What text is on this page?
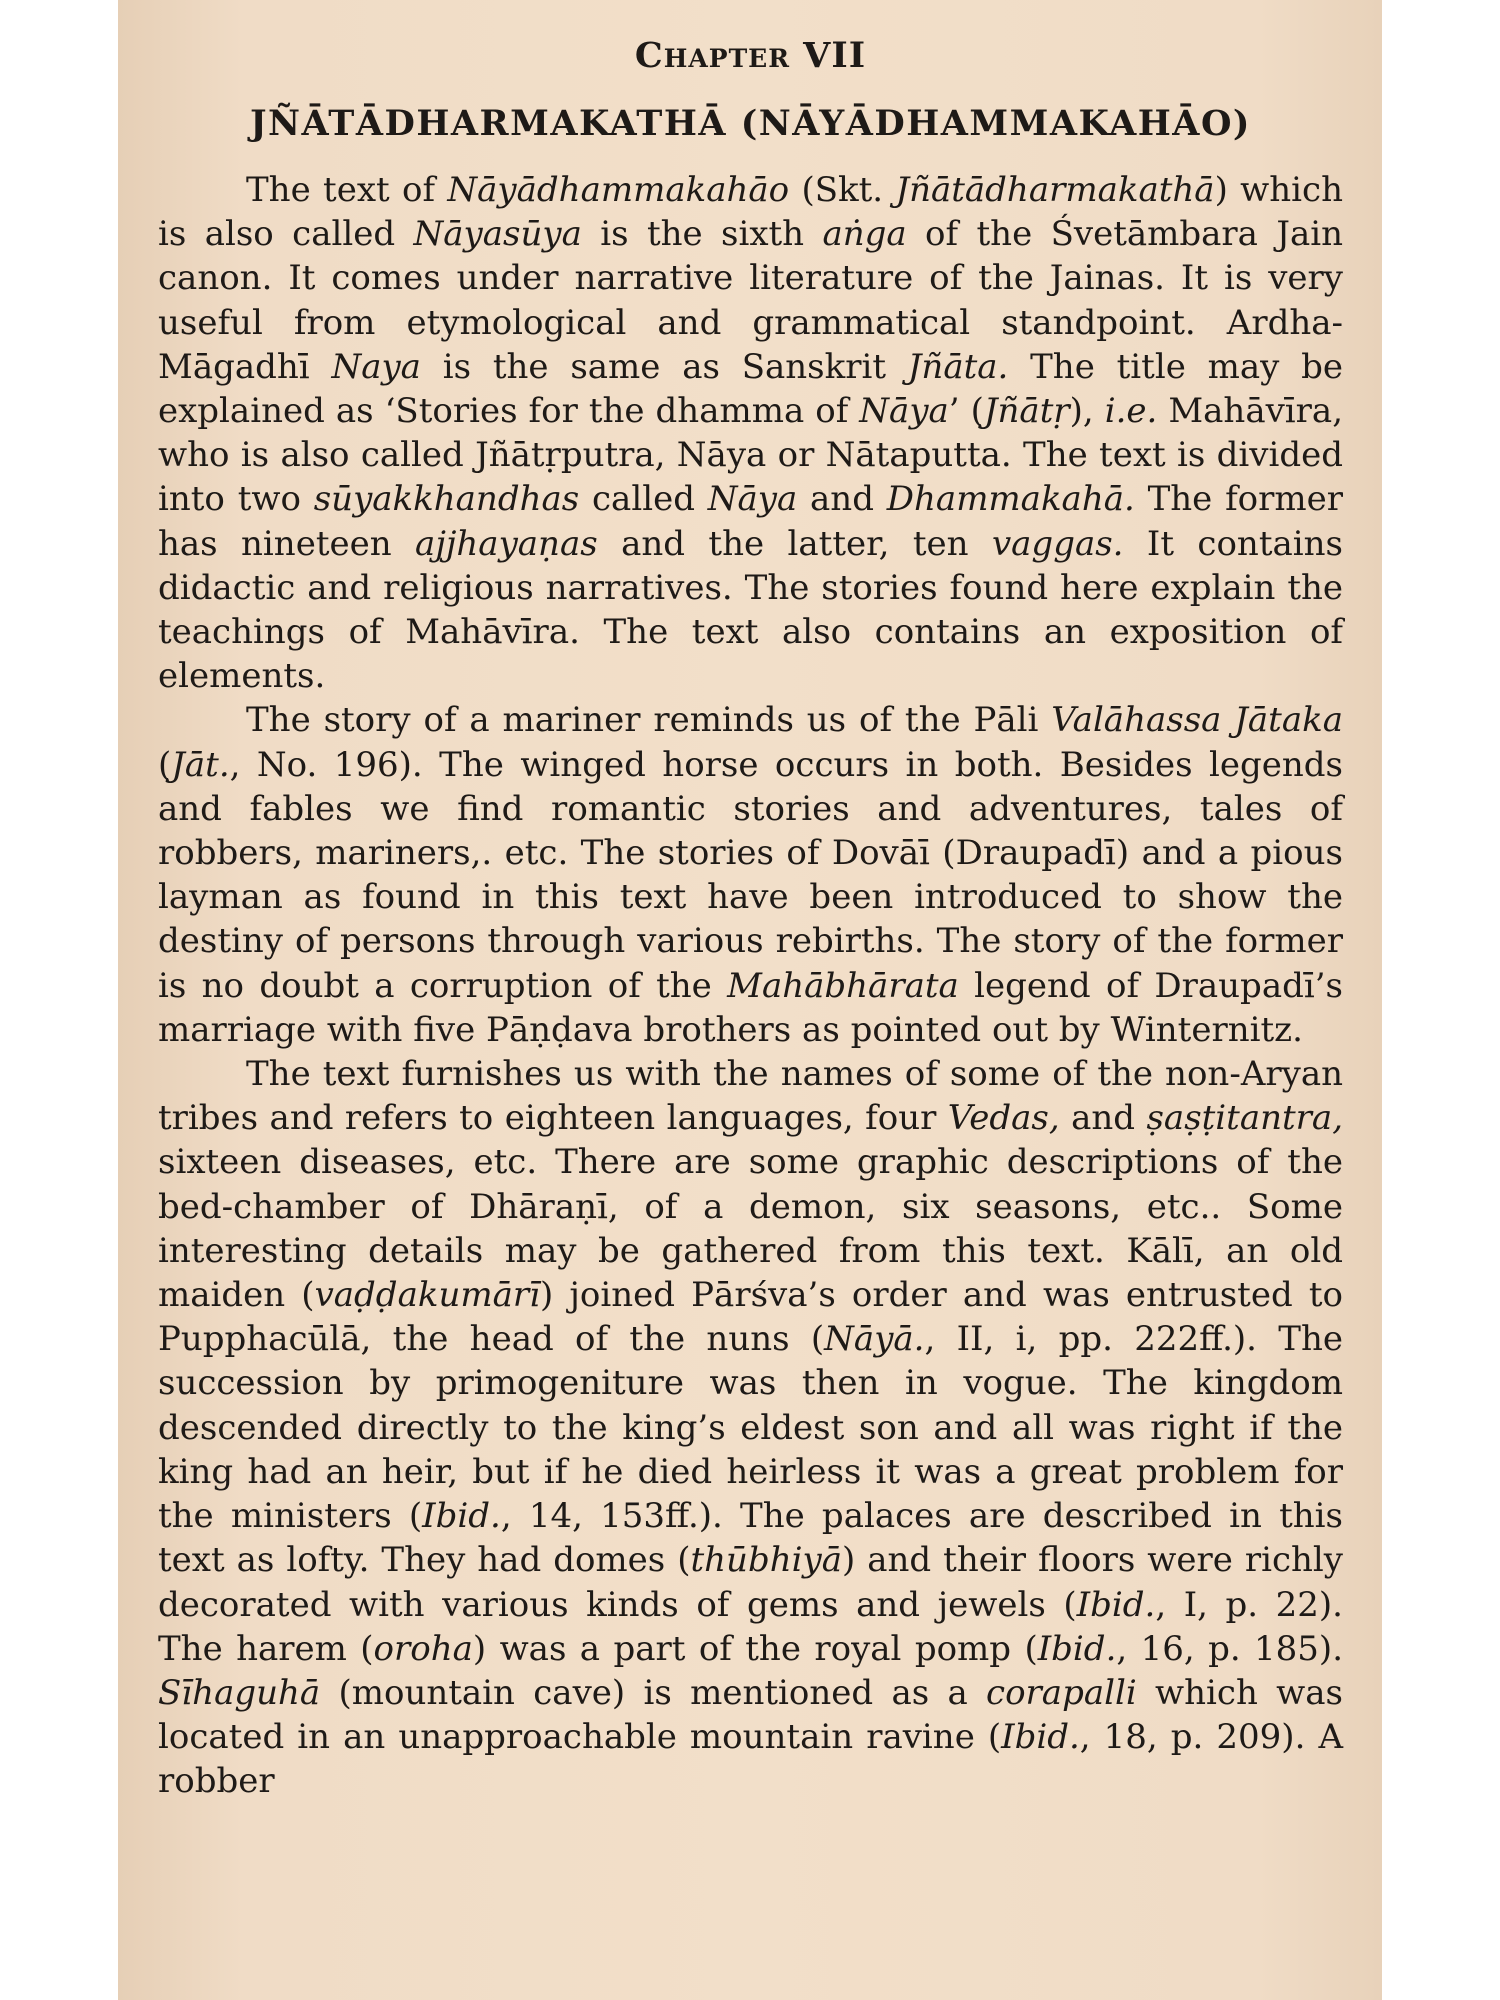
Chapter VII
JÑĀTĀDHARMAKATHĀ (NĀYĀDHAMMAKAHĀO)

The text of Nāyādhammakahāo (Skt. Jñātādharmakathā) which is also called Nāyasūya is the sixth aṅga of the Śvetāmbara Jain canon. It comes under narrative literature of the Jainas. It is very useful from etymological and grammatical standpoint. Ardha-Māgadhī Naya is the same as Sanskrit Jñāta. The title may be explained as ‘Stories for the dhamma of Nāya’ (Jñātṛ), i.e. Mahāvīra, who is also called Jñātṛputra, Nāya or Nātaputta. The text is divided into two sūyakkhandhas called Nāya and Dhammakahā. The former has nineteen ajjhayaṇas and the latter, ten vaggas. It contains didactic and religious narratives. The stories found here explain the teachings of Mahāvīra. The text also contains an exposition of elements.

The story of a mariner reminds us of the Pāli Valāhassa Jātaka (Jāt., No. 196). The winged horse occurs in both. Besides legends and fables we find romantic stories and adventures, tales of robbers, mariners,. etc. The stories of Dovāī (Draupadī) and a pious layman as found in this text have been introduced to show the destiny of persons through various rebirths. The story of the former is no doubt a corruption of the Mahābhārata legend of Draupadī’s marriage with five Pāṇḍava brothers as pointed out by Winternitz.

The text furnishes us with the names of some of the non-Aryan tribes and refers to eighteen languages, four Vedas, and ṣaṣṭitantra, sixteen diseases, etc. There are some graphic descriptions of the bed-chamber of Dhāraṇī, of a demon, six seasons, etc.. Some interesting details may be gathered from this text. Kālī, an old maiden (vaḍḍakumārī) joined Pārśva’s order and was entrusted to Pupphacūlā, the head of the nuns (Nāyā., II, i, pp. 222ff.). The succession by primogeniture was then in vogue. The kingdom descended directly to the king’s eldest son and all was right if the king had an heir, but if he died heirless it was a great problem for the ministers (Ibid., 14, 153ff.). The palaces are described in this text as lofty. They had domes (thūbhiyā) and their floors were richly decorated with various kinds of gems and jewels (Ibid., I, p. 22). The harem (oroha) was a part of the royal pomp (Ibid., 16, p. 185). Sīhaguhā (mountain cave) is mentioned as a corapalli which was located in an unapproachable mountain ravine (Ibid., 18, p. 209). A robber
